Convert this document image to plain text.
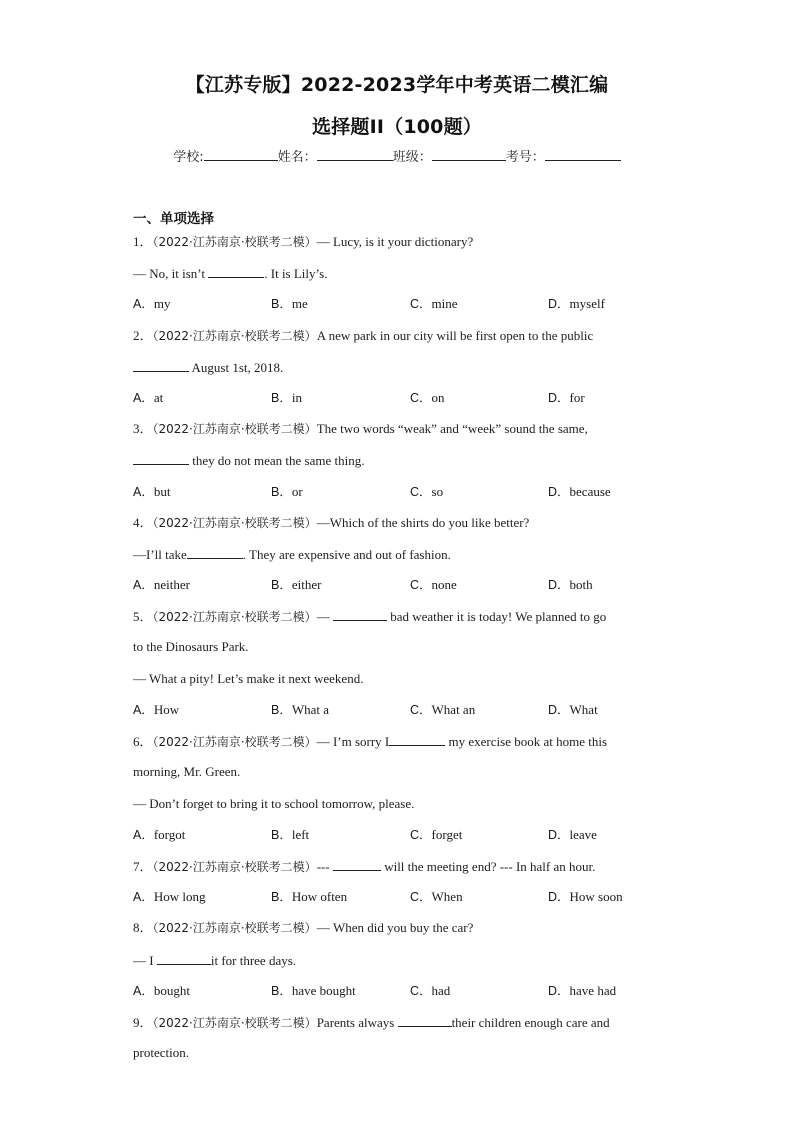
【江苏专版】2022-2023学年中考英语二模汇编
选择题II（100题）
学校:	姓名：	班级：	考号：
一、单项选择
1．（2022·江苏南京·校联考二模）— Lucy, is it your dictionary?
— No, it isn’t	. It is Lily’s.
A．my	B．me	C．mine	D．myself
2．（2022·江苏南京·校联考二模）A new park in our city will be first open to the public
August 1st, 2018.
A．at	B．in	C．on	D．for
3．（2022·江苏南京·校联考二模）The two words “weak” and “week” sound the same,
they do not mean the same thing.
A．but	B．or	C．so	D．because
4．（2022·江苏南京·校联考二模）—Which of the shirts do you like better?
—I’ll take	. They are expensive and out of fashion.
A．neither	B．either	C．none	D．both
5．（2022·江苏南京·校联考二模）—	bad weather it is today! We planned to go
to the Dinosaurs Park.
— What a pity! Let’s make it next weekend.
A．How	B．What a	C．What an	D．What
6．（2022·江苏南京·校联考二模）— I’m sorry I	my exercise book at home this
morning, Mr. Green.
— Don’t forget to bring it to school tomorrow, please.
A．forgot	B．left	C．forget	D．leave
7．（2022·江苏南京·校联考二模）---	will the meeting end? --- In half an hour.
A．How long	B．How often	C．When	D．How soon
8．（2022·江苏南京·校联考二模）— When did you buy the car?
— I	it for three days.
A．bought	B．have bought	C．had	D．have had
9．（2022·江苏南京·校联考二模）Parents always	their children enough care and
protection.
